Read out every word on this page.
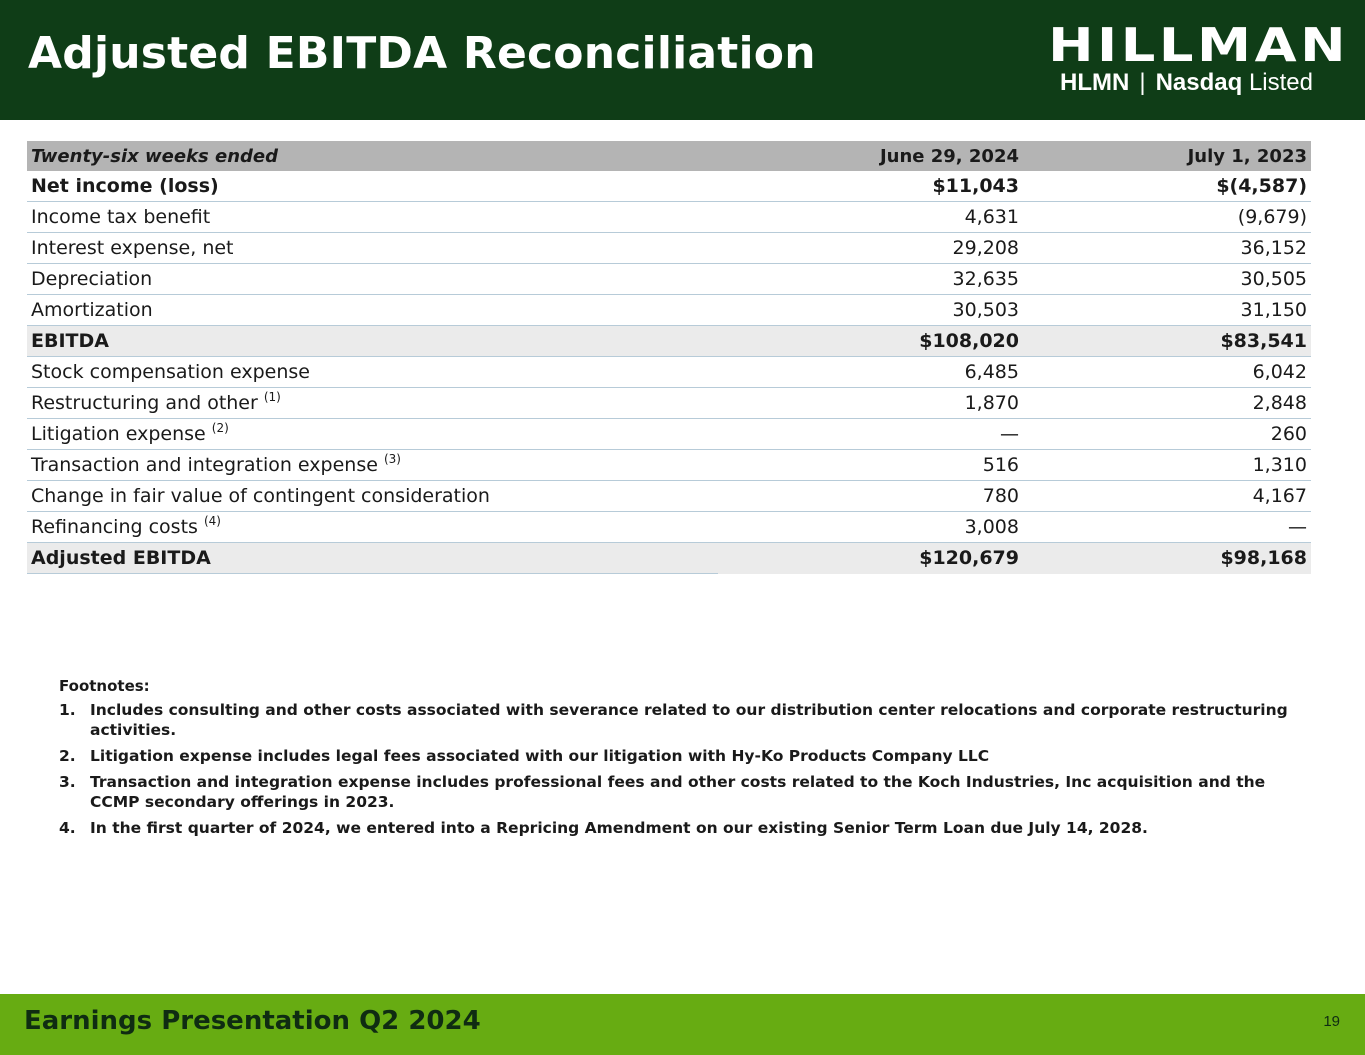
Adjusted EBITDA Reconciliation	HILLMAN
HLMN | Nasdaq Listed
Twenty-six weeks ended	June 29, 2024	July 1, 2023
Net income (loss)	$11,043	$(4,587)
Income tax benefit	4,631	(9,679)
Interest expense, net	29,208	36,152
Depreciation	32,635	30,505
Amortization	30,503	31,150
EBITDA	$108,020	$83,541
Stock compensation expense	6,485	6,042
Restructuring and other $^{(1)}$	1,870	2,848
Litigation expense $^{(2)}$	—	260
Transaction and integration expense $^{(3)}$	516	1,310
Change in fair value of contingent consideration	780	4,167
Refinancing costs $^{(4)}$	3,008	—
Adjusted EBITDA	$120,679	$98,168
Footnotes:
1. Includes consulting and other costs associated with severance related to our distribution center relocations and corporate restructuring activities.
2. Litigation expense includes legal fees associated with our litigation with Hy-Ko Products Company LLC
3. Transaction and integration expense includes professional fees and other costs related to the Koch Industries, Inc acquisition and the CCMP secondary offerings in 2023.
4. In the first quarter of 2024, we entered into a Repricing Amendment on our existing Senior Term Loan due July 14, 2028.
Earnings Presentation Q2 2024	19
